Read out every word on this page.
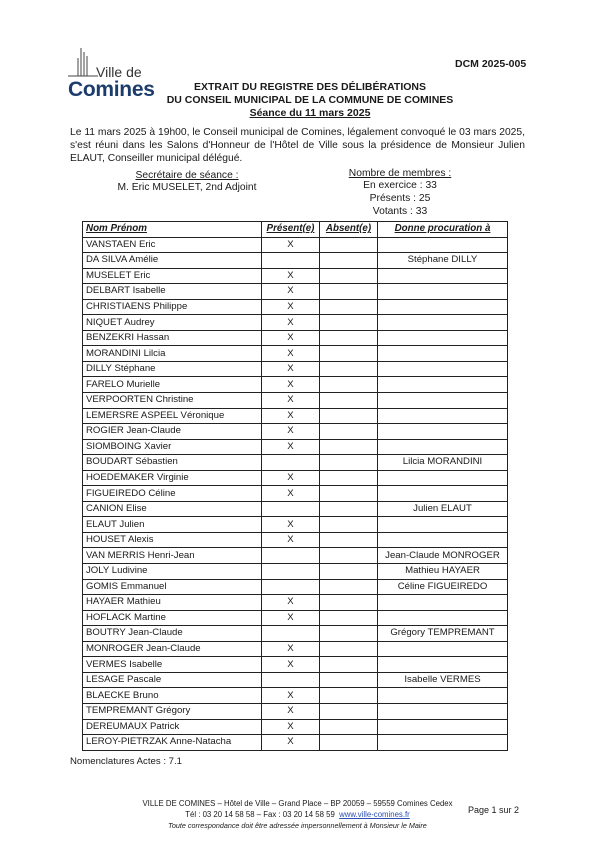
Ville de
Comines
DCM 2025-005
EXTRAIT DU REGISTRE DES DÉLIBÉRATIONS
DU CONSEIL MUNICIPAL DE LA COMMUNE DE COMINES
Séance du 11 mars 2025
Le 11 mars 2025 à 19h00, le Conseil municipal de Comines, légalement convoqué le 03 mars 2025, s'est réuni dans les Salons d'Honneur de l'Hôtel de Ville sous la présidence de Monsieur Julien ELAUT, Conseiller municipal délégué.
Secrétaire de séance :
M. Eric MUSELET, 2nd Adjoint
Nombre de membres :
En exercice : 33
Présents : 25
Votants : 33
Nom Prénom	Présent(e)	Absent(e)	Donne procuration à
VANSTAEN Eric	X		
DA SILVA Amélie			Stéphane DILLY
MUSELET Eric	X		
DELBART Isabelle	X		
CHRISTIAENS Philippe	X		
NIQUET Audrey	X		
BENZEKRI Hassan	X		
MORANDINI Lilcia	X		
DILLY Stéphane	X		
FARELO Murielle	X		
VERPOORTEN Christine	X		
LEMERSRE ASPEEL Véronique	X		
ROGIER Jean-Claude	X		
SIOMBOING Xavier	X		
BOUDART Sébastien			Lilcia MORANDINI
HOEDEMAKER Virginie	X		
FIGUEIREDO Céline	X		
CANION Elise			Julien ELAUT
ELAUT Julien	X		
HOUSET Alexis	X		
VAN MERRIS Henri-Jean			Jean-Claude MONROGER
JOLY Ludivine			Mathieu HAYAER
GOMIS Emmanuel			Céline FIGUEIREDO
HAYAER Mathieu	X		
HOFLACK Martine	X		
BOUTRY Jean-Claude			Grégory TEMPREMANT
MONROGER Jean-Claude	X		
VERMES Isabelle	X		
LESAGE Pascale			Isabelle VERMES
BLAECKE Bruno	X		
TEMPREMANT Grégory	X		
DEREUMAUX Patrick	X		
LEROY-PIETRZAK Anne-Natacha	X		
Nomenclatures Actes : 7.1
VILLE DE COMINES – Hôtel de Ville – Grand Place – BP 20059 – 59559 Comines Cedex
Tél : 03 20 14 58 58 – Fax : 03 20 14 58 59 www.ville-comines.fr
Toute correspondance doit être adressée impersonnellement à Monsieur le Maire
Page 1 sur 2
